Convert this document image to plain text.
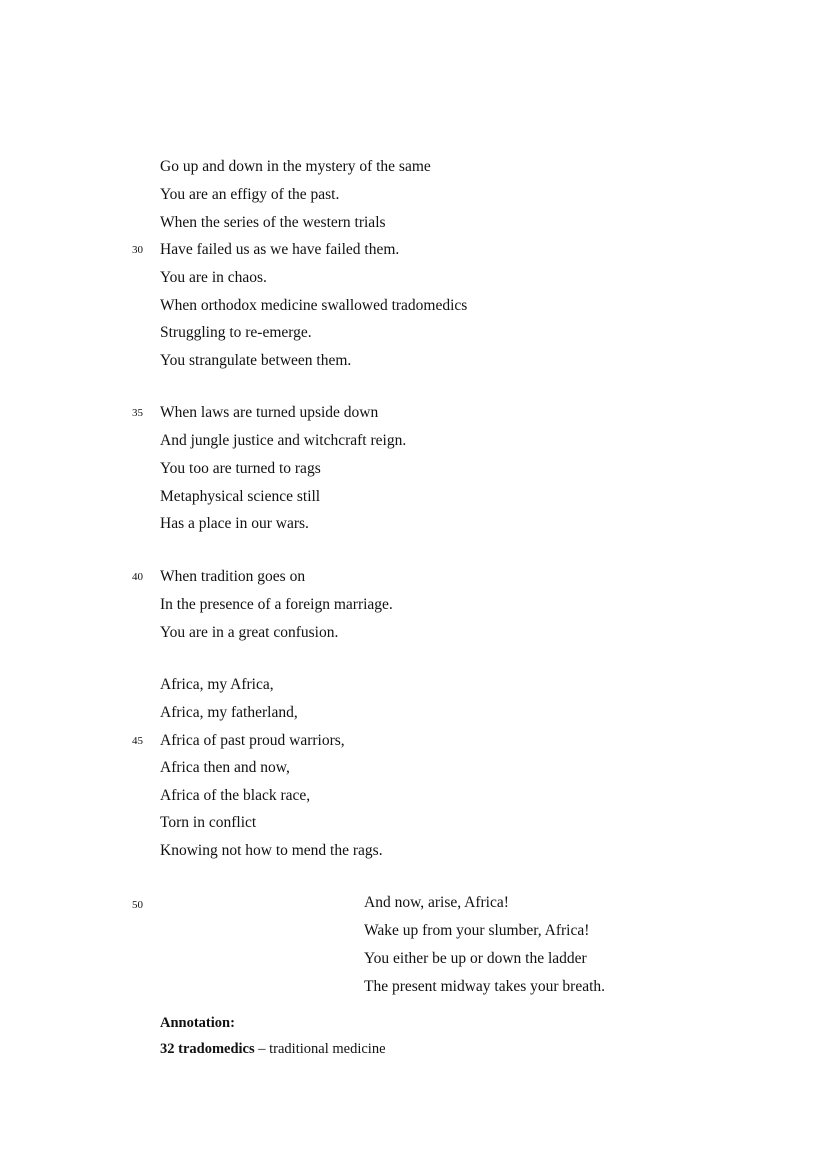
Go up and down in the mystery of the same
You are an effigy of the past.
When the series of the western trials
30 Have failed us as we have failed them.
You are in chaos.
When orthodox medicine swallowed tradomedics
Struggling to re-emerge.
You strangulate between them.
35 When laws are turned upside down
And jungle justice and witchcraft reign.
You too are turned to rags
Metaphysical science still
Has a place in our wars.
40 When tradition goes on
In the presence of a foreign marriage.
You are in a great confusion.
Africa, my Africa,
Africa, my fatherland,
45 Africa of past proud warriors,
Africa then and now,
Africa of the black race,
Torn in conflict
Knowing not how to mend the rags.
50	And now, arise, Africa!
Wake up from your slumber, Africa!
You either be up or down the ladder
The present midway takes your breath.
Annotation:
32 tradomedics – traditional medicine
